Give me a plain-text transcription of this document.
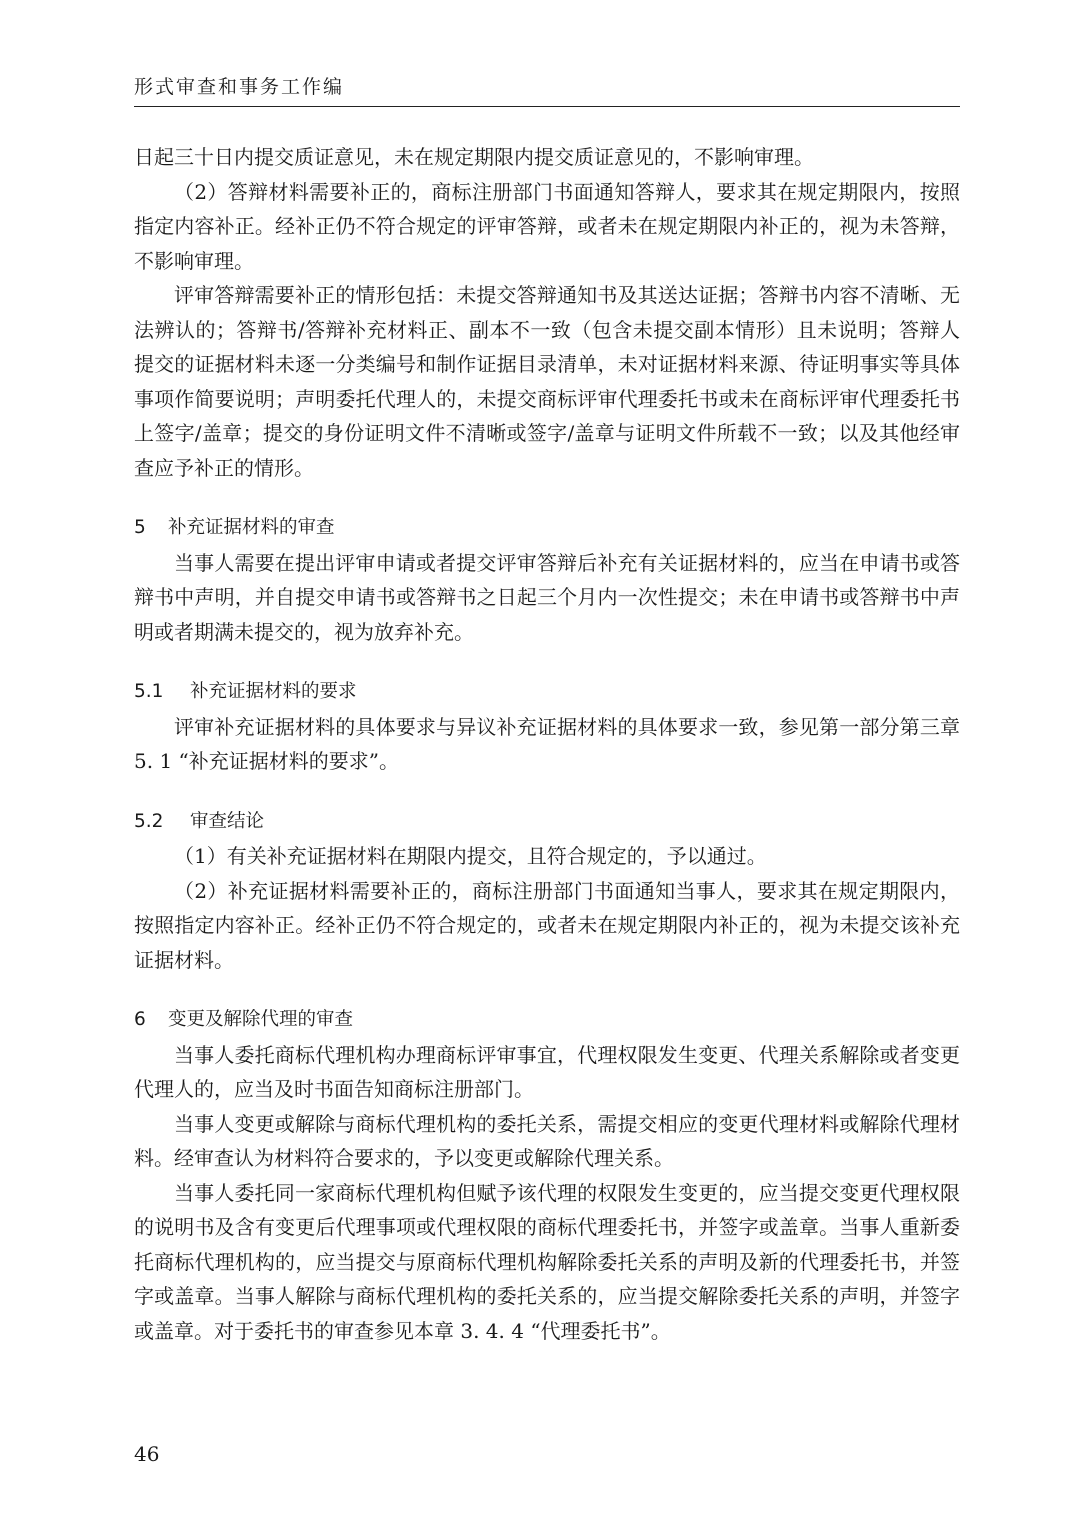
形式审查和事务工作编

日起三十日内提交质证意见，未在规定期限内提交质证意见的，不影响审理。

（2）答辩材料需要补正的，商标注册部门书面通知答辩人，要求其在规定期限内，按照指定内容补正。经补正仍不符合规定的评审答辩，或者未在规定期限内补正的，视为未答辩，不影响审理。

评审答辩需要补正的情形包括：未提交答辩通知书及其送达证据；答辩书内容不清晰、无法辨认的；答辩书/答辩补充材料正、副本不一致（包含未提交副本情形）且未说明；答辩人提交的证据材料未逐一分类编号和制作证据目录清单，未对证据材料来源、待证明事实等具体事项作简要说明；声明委托代理人的，未提交商标评审代理委托书或未在商标评审代理委托书上签字/盖章；提交的身份证明文件不清晰或签字/盖章与证明文件所载不一致；以及其他经审查应予补正的情形。

5 补充证据材料的审查

当事人需要在提出评审申请或者提交评审答辩后补充有关证据材料的，应当在申请书或答辩书中声明，并自提交申请书或答辩书之日起三个月内一次性提交；未在申请书或答辩书中声明或者期满未提交的，视为放弃补充。

5.1 补充证据材料的要求

评审补充证据材料的具体要求与异议补充证据材料的具体要求一致，参见第一部分第三章 5. 1 “补充证据材料的要求”。

5.2 审查结论

（1）有关补充证据材料在期限内提交，且符合规定的，予以通过。

（2）补充证据材料需要补正的，商标注册部门书面通知当事人，要求其在规定期限内，按照指定内容补正。经补正仍不符合规定的，或者未在规定期限内补正的，视为未提交该补充证据材料。

6 变更及解除代理的审查

当事人委托商标代理机构办理商标评审事宜，代理权限发生变更、代理关系解除或者变更代理人的，应当及时书面告知商标注册部门。

当事人变更或解除与商标代理机构的委托关系，需提交相应的变更代理材料或解除代理材料。经审查认为材料符合要求的，予以变更或解除代理关系。

当事人委托同一家商标代理机构但赋予该代理的权限发生变更的，应当提交变更代理权限的说明书及含有变更后代理事项或代理权限的商标代理委托书，并签字或盖章。当事人重新委托商标代理机构的，应当提交与原商标代理机构解除委托关系的声明及新的代理委托书，并签字或盖章。当事人解除与商标代理机构的委托关系的，应当提交解除委托关系的声明，并签字或盖章。对于委托书的审查参见本章 3. 4. 4 “代理委托书”。

46
